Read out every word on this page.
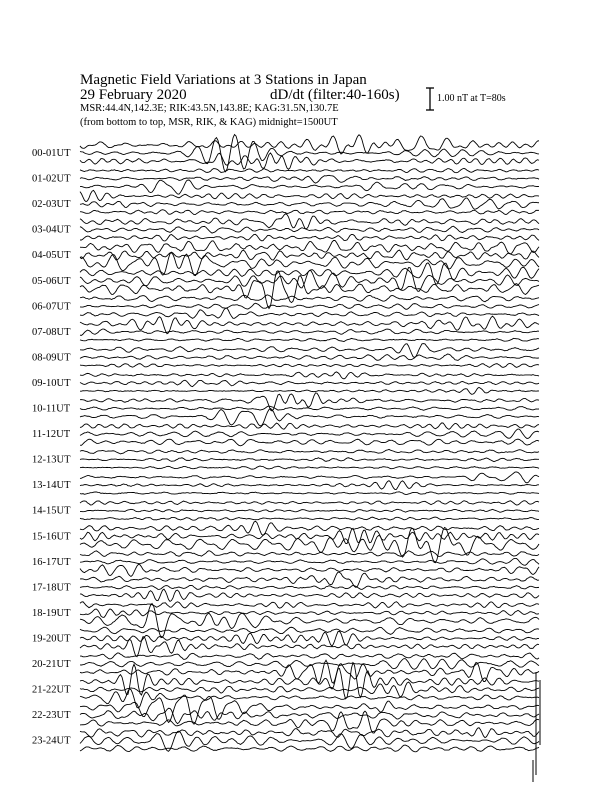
Magnetic Field Variations at 3 Stations in Japan
29 February 2020	dD/dt (filter:40-160s)
MSR:44.4N,142.3E; RIK:43.5N,143.8E; KAG:31.5N,130.7E
(from bottom to top, MSR, RIK, & KAG) midnight=1500UT
1.00 nT at T=80s
00-01UT
01-02UT
02-03UT
03-04UT
04-05UT
05-06UT
06-07UT
07-08UT
08-09UT
09-10UT
10-11UT
11-12UT
12-13UT
13-14UT
14-15UT
15-16UT
16-17UT
17-18UT
18-19UT
19-20UT
20-21UT
21-22UT
22-23UT
23-24UT
